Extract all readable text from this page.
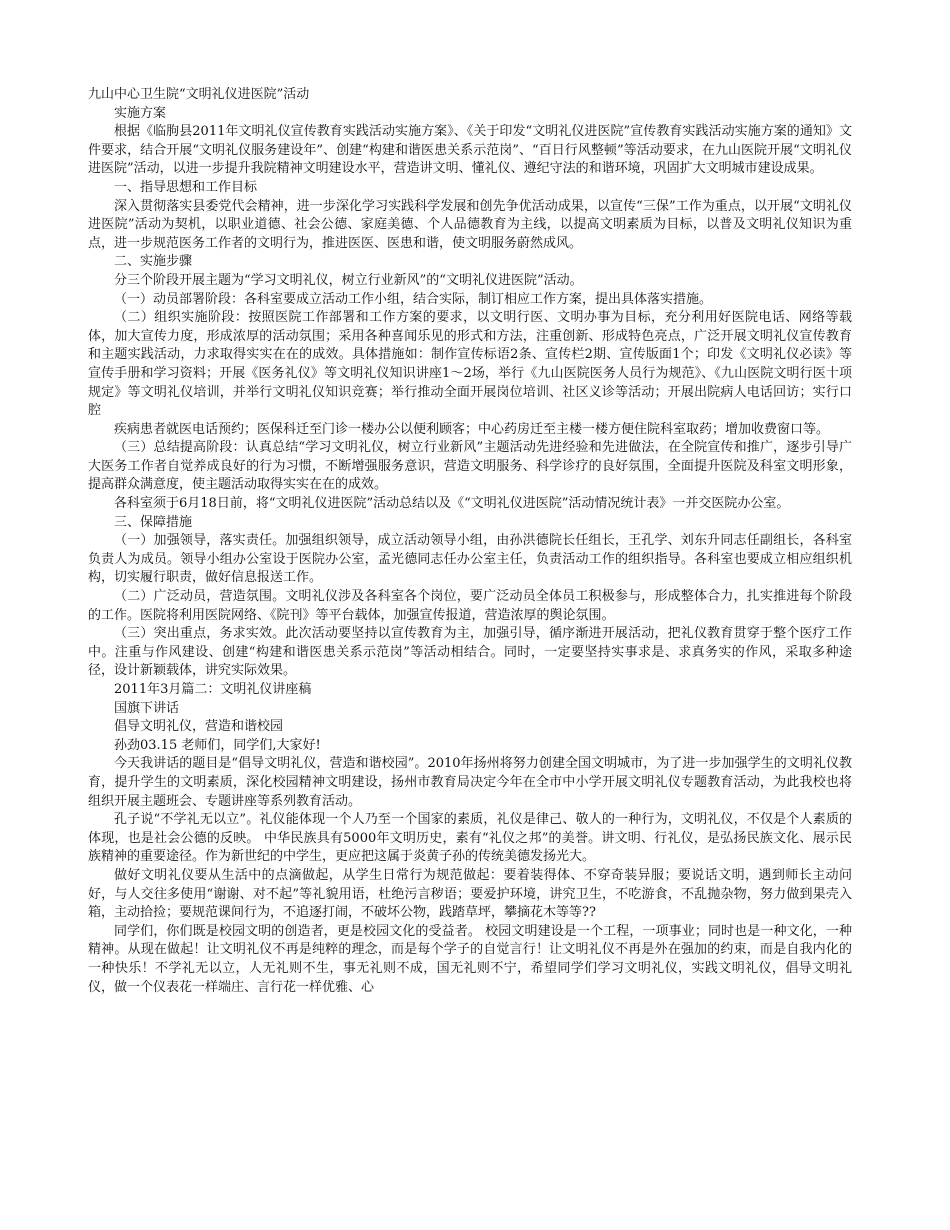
九山中心卫生院“文明礼仪进医院”活动

实施方案

根据《临朐县2011年文明礼仪宣传教育实践活动实施方案》、《关于印发“文明礼仪进医院”宣传教育实践活动实施方案的通知》文件要求，结合开展“文明礼仪服务建设年”、创建“构建和谐医患关系示范岗”、“百日行风整顿”等活动要求，在九山医院开展“文明礼仪进医院”活动，以进一步提升我院精神文明建设水平，营造讲文明、懂礼仪、遵纪守法的和谐环境，巩固扩大文明城市建设成果。

一、指导思想和工作目标

深入贯彻落实县委党代会精神，进一步深化学习实践科学发展和创先争优活动成果，以宣传“三保”工作为重点，以开展“文明礼仪进医院”活动为契机，以职业道德、社会公德、家庭美德、个人品德教育为主线，以提高文明素质为目标，以普及文明礼仪知识为重点，进一步规范医务工作者的文明行为，推进医医、医患和谐，使文明服务蔚然成风。

二、实施步骤

分三个阶段开展主题为“学习文明礼仪，树立行业新风”的“文明礼仪进医院”活动。

（一）动员部署阶段：各科室要成立活动工作小组，结合实际，制订相应工作方案，提出具体落实措施。

（二）组织实施阶段：按照医院工作部署和工作方案的要求，以文明行医、文明办事为目标，充分利用好医院电话、网络等载体，加大宣传力度，形成浓厚的活动氛围；采用各种喜闻乐见的形式和方法，注重创新、形成特色亮点，广泛开展文明礼仪宣传教育和主题实践活动，力求取得实实在在的成效。具体措施如：制作宣传标语2条、宣传栏2期、宣传版面1个；印发《文明礼仪必读》等宣传手册和学习资料；开展《医务礼仪》等文明礼仪知识讲座1～2场，举行《九山医院医务人员行为规范》、《九山医院文明行医十项规定》等文明礼仪培训，并举行文明礼仪知识竞赛；举行推动全面开展岗位培训、社区义诊等活动；开展出院病人电话回访；实行口腔

疾病患者就医电话预约；医保科迁至门诊一楼办公以便利顾客；中心药房迁至主楼一楼方便住院科室取药；增加收费窗口等。

（三）总结提高阶段：认真总结“学习文明礼仪，树立行业新风”主题活动先进经验和先进做法，在全院宣传和推广，逐步引导广大医务工作者自觉养成良好的行为习惯，不断增强服务意识，营造文明服务、科学诊疗的良好氛围，全面提升医院及科室文明形象，提高群众满意度，使主题活动取得实实在在的成效。

各科室须于6月18日前，将“文明礼仪进医院”活动总结以及《“文明礼仪进医院”活动情况统计表》一并交医院办公室。

三、保障措施

（一）加强领导，落实责任。加强组织领导，成立活动领导小组，由孙洪德院长任组长，王孔学、刘东升同志任副组长，各科室负责人为成员。领导小组办公室设于医院办公室，孟光德同志任办公室主任，负责活动工作的组织指导。各科室也要成立相应组织机构，切实履行职责，做好信息报送工作。

（二）广泛动员，营造氛围。文明礼仪涉及各科室各个岗位，要广泛动员全体员工积极参与，形成整体合力，扎实推进每个阶段的工作。医院将利用医院网络、《院刊》等平台载体，加强宣传报道，营造浓厚的舆论氛围。

（三）突出重点，务求实效。此次活动要坚持以宣传教育为主，加强引导，循序渐进开展活动，把礼仪教育贯穿于整个医疗工作中。注重与作风建设、创建“构建和谐医患关系示范岗”等活动相结合。同时，一定要坚持实事求是、求真务实的作风，采取多种途径，设计新颖载体，讲究实际效果。

2011年3月篇二：文明礼仪讲座稿

国旗下讲话

倡导文明礼仪，营造和谐校园

孙劲03.15 老师们，同学们,大家好!

今天我讲话的题目是“倡导文明礼仪，营造和谐校园”。2010年扬州将努力创建全国文明城市，为了进一步加强学生的文明礼仪教育，提升学生的文明素质，深化校园精神文明建设，扬州市教育局决定今年在全市中小学开展文明礼仪专题教育活动，为此我校也将组织开展主题班会、专题讲座等系列教育活动。

孔子说“不学礼无以立”。礼仪能体现一个人乃至一个国家的素质，礼仪是律己、敬人的一种行为，文明礼仪，不仅是个人素质的体现，也是社会公德的反映。 中华民族具有5000年文明历史，素有“礼仪之邦”的美誉。讲文明、行礼仪，是弘扬民族文化、展示民族精神的重要途径。作为新世纪的中学生，更应把这属于炎黄子孙的传统美德发扬光大。

做好文明礼仪要从生活中的点滴做起，从学生日常行为规范做起：要着装得体、不穿奇装异服；要说话文明，遇到师长主动问好，与人交往多使用“谢谢、对不起”等礼貌用语，杜绝污言秽语；要爱护环境，讲究卫生，不吃游食，不乱抛杂物，努力做到果壳入箱，主动拾捡；要规范课间行为，不追逐打闹，不破坏公物，践踏草坪，攀摘花木等等??

同学们，你们既是校园文明的创造者，更是校园文化的受益者。 校园文明建设是一个工程，一项事业；同时也是一种文化，一种精神。从现在做起！让文明礼仪不再是纯粹的理念，而是每个学子的自觉言行！让文明礼仪不再是外在强加的约束，而是自我内化的一种快乐！不学礼无以立，人无礼则不生，事无礼则不成，国无礼则不宁，希望同学们学习文明礼仪，实践文明礼仪，倡导文明礼仪，做一个仪表花一样端庄、言行花一样优雅、心
